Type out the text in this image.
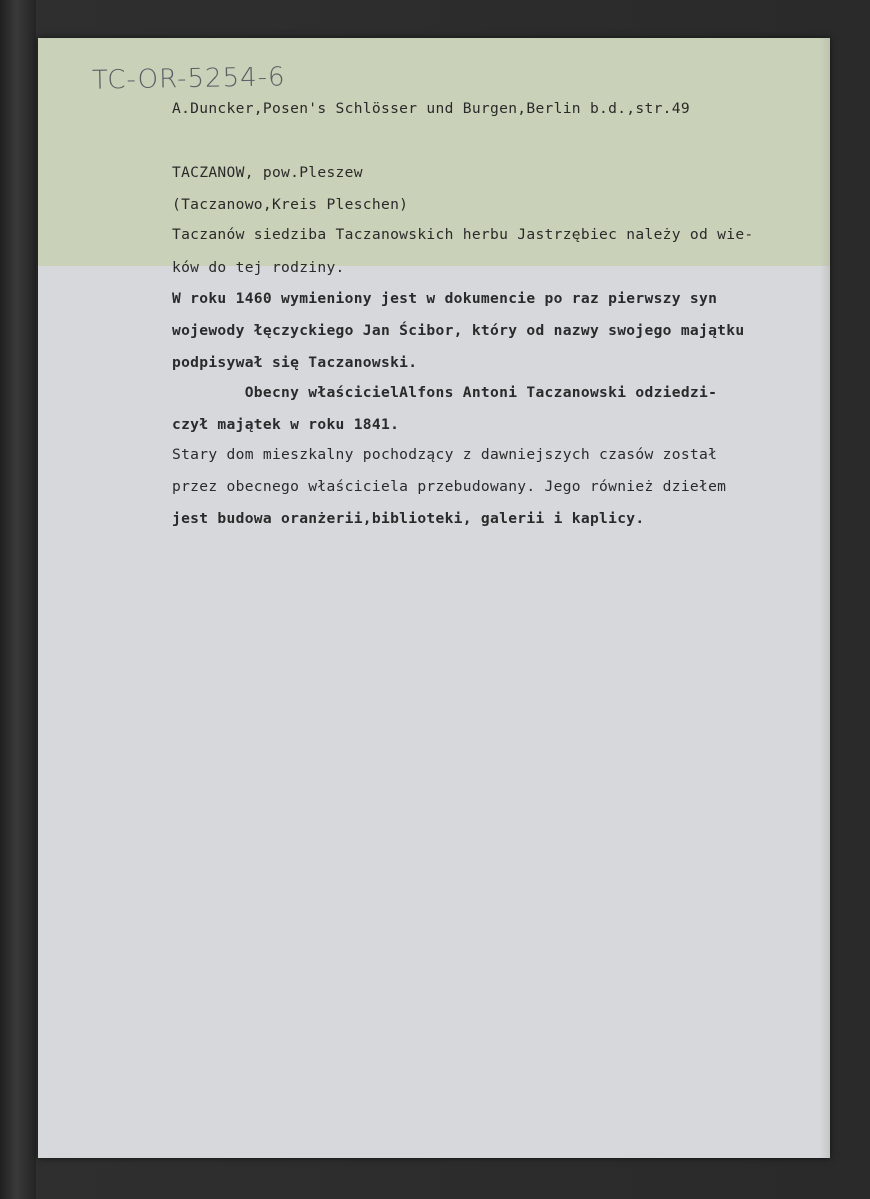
TC-OR-5254-6
A.Duncker,Posen's Schlösser und Burgen,Berlin b.d.,str.49
TACZANOW, pow.Pleszew
(Taczanowo,Kreis Pleschen)
Taczanów siedziba Taczanowskich herbu Jastrzębiec należy od wie-
ków do tej rodziny.
W roku 1460 wymieniony jest w dokumencie po raz pierwszy syn
wojewody łęczyckiego Jan Ścibor, który od nazwy swojego majątku
podpisywał się Taczanowski.
Obecny właścicielAlfons Antoni Taczanowski odziedzi-
czył majątek w roku 1841.
Stary dom mieszkalny pochodzący z dawniejszych czasów został
przez obecnego właściciela przebudowany. Jego również dziełem
jest budowa oranżerii,biblioteki, galerii i kaplicy.
